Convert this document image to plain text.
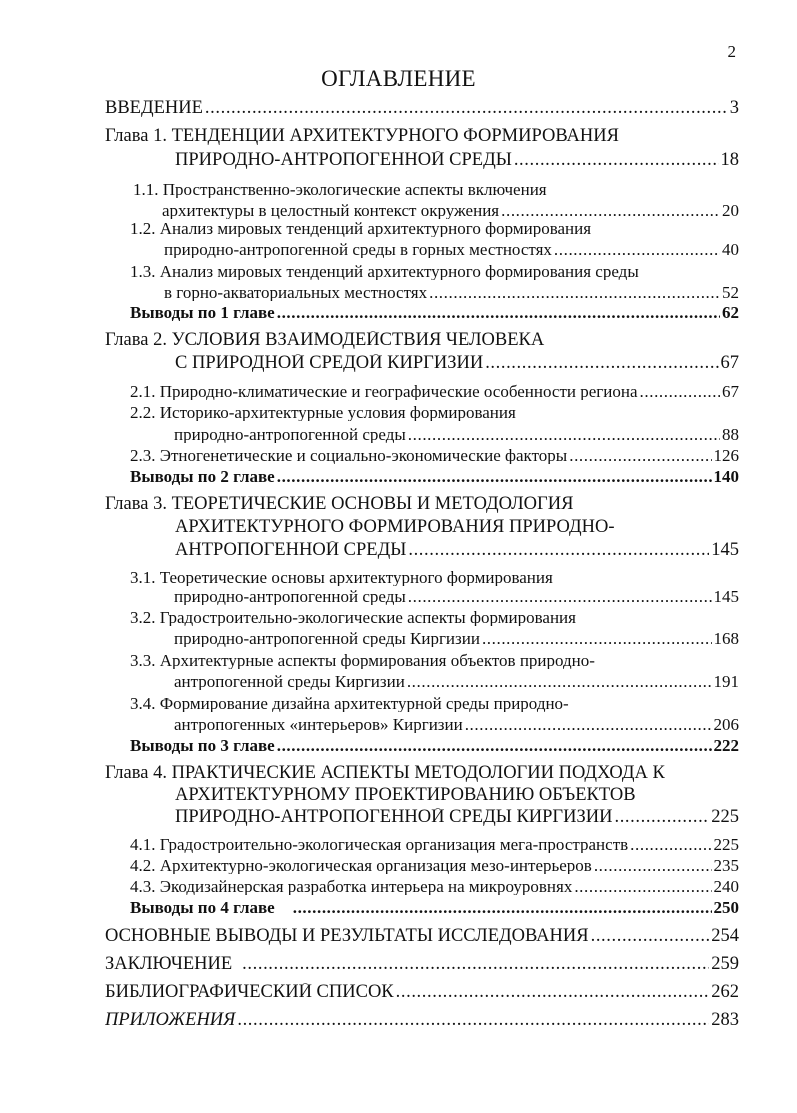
2
ОГЛАВЛЕНИЕ
ВВЕДЕНИЕ .....	3
Глава 1. ТЕНДЕНЦИИ АРХИТЕКТУРНОГО ФОРМИРОВАНИЯ
ПРИРОДНО-АНТРОПОГЕННОЙ СРЕДЫ .....	18
1.1. Пространственно-экологические аспекты включения
архитектуры в целостный контекст окружения .....	20
1.2. Анализ мировых тенденций архитектурного формирования
природно-антропогенной среды в горных местностях .....	40
1.3. Анализ мировых тенденций архитектурного формирования среды
в горно-акваториальных местностях .....	52
Выводы по 1 главе .....	62
Глава 2. УСЛОВИЯ ВЗАИМОДЕЙСТВИЯ ЧЕЛОВЕКА
С ПРИРОДНОЙ СРЕДОЙ КИРГИЗИИ .....	67
2.1. Природно-климатические и географические особенности региона .....	67
2.2. Историко-архитектурные условия формирования
природно-антропогенной среды .....	88
2.3. Этногенетические и социально-экономические факторы .....	126
Выводы по 2 главе .....	140
Глава 3. ТЕОРЕТИЧЕСКИЕ ОСНОВЫ И МЕТОДОЛОГИЯ
АРХИТЕКТУРНОГО ФОРМИРОВАНИЯ ПРИРОДНО-
АНТРОПОГЕННОЙ СРЕДЫ .....	145
3.1. Теоретические основы архитектурного формирования
природно-антропогенной среды .....	145
3.2. Градостроительно-экологические аспекты формирования
природно-антропогенной среды Киргизии .....	168
3.3. Архитектурные аспекты формирования объектов природно-
антропогенной среды Киргизии .....	191
3.4. Формирование дизайна архитектурной среды природно-
антропогенных «интерьеров» Киргизии .....	206
Выводы по 3 главе .....	222
Глава 4. ПРАКТИЧЕСКИЕ АСПЕКТЫ МЕТОДОЛОГИИ ПОДХОДА К
АРХИТЕКТУРНОМУ ПРОЕКТИРОВАНИЮ ОБЪЕКТОВ
ПРИРОДНО-АНТРОПОГЕННОЙ СРЕДЫ КИРГИЗИИ .....	225
4.1. Градостроительно-экологическая организация мега-пространств .....	225
4.2. Архитектурно-экологическая организация мезо-интерьеров .....	235
4.3. Экодизайнерская разработка интерьера на микроуровнях .....	240
Выводы по 4 главе .....	250
ОСНОВНЫЕ ВЫВОДЫ И РЕЗУЛЬТАТЫ ИССЛЕДОВАНИЯ .....	254
ЗАКЛЮЧЕНИЕ .....	259
БИБЛИОГРАФИЧЕСКИЙ СПИСОК .....	262
ПРИЛОЖЕНИЯ .....	283
